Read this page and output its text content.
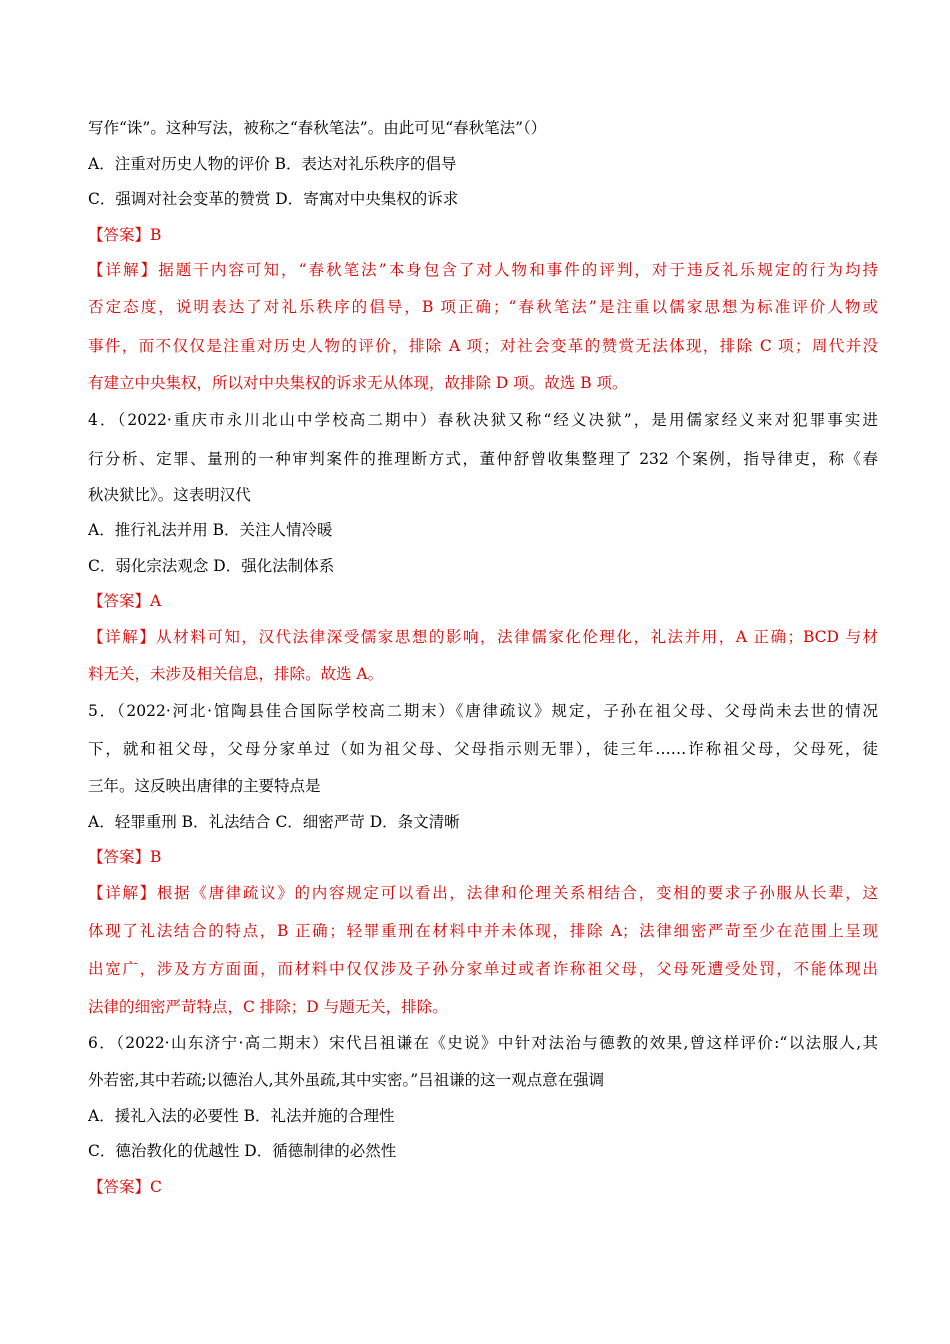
写作“诛”。这种写法，被称之“春秋笔法”。由此可见“春秋笔法”（）
A．注重对历史人物的评价 B．表达对礼乐秩序的倡导
C．强调对社会变革的赞赏 D．寄寓对中央集权的诉求
【答案】B
【详解】据题干内容可知，“春秋笔法”本身包含了对人物和事件的评判，对于违反礼乐规定的行为均持
否定态度，说明表达了对礼乐秩序的倡导，B 项正确；“春秋笔法”是注重以儒家思想为标准评价人物或
事件，而不仅仅是注重对历史人物的评价，排除 A 项；对社会变革的赞赏无法体现，排除 C 项；周代并没
有建立中央集权，所以对中央集权的诉求无从体现，故排除 D 项。故选 B 项。
4．（2022·重庆市永川北山中学校高二期中）春秋决狱又称“经义决狱”，是用儒家经义来对犯罪事实进
行分析、定罪、量刑的一种审判案件的推理断方式，董仲舒曾收集整理了 232 个案例，指导律吏，称《春
秋决狱比》。这表明汉代
A．推行礼法并用 B．关注人情冷暖
C．弱化宗法观念 D．强化法制体系
【答案】A
【详解】从材料可知，汉代法律深受儒家思想的影响，法律儒家化伦理化，礼法并用，A 正确；BCD 与材
料无关，未涉及相关信息，排除。故选 A。
5．（2022·河北·馆陶县佳合国际学校高二期末）《唐律疏议》规定，子孙在祖父母、父母尚未去世的情况
下，就和祖父母，父母分家单过（如为祖父母、父母指示则无罪），徒三年……诈称祖父母，父母死，徒
三年。这反映出唐律的主要特点是
A．轻罪重刑 B．礼法结合 C．细密严苛 D．条文清晰
【答案】B
【详解】根据《唐律疏议》的内容规定可以看出，法律和伦理关系相结合，变相的要求子孙服从长辈，这
体现了礼法结合的特点，B 正确；轻罪重刑在材料中并未体现，排除 A；法律细密严苛至少在范围上呈现
出宽广，涉及方方面面，而材料中仅仅涉及子孙分家单过或者诈称祖父母，父母死遭受处罚，不能体现出
法律的细密严苛特点，C 排除；D 与题无关，排除。
6．（2022·山东济宁·高二期末）宋代吕祖谦在《史说》中针对法治与德教的效果,曾这样评价:“以法服人,其
外若密,其中若疏;以德治人,其外虽疏,其中实密。”吕祖谦的这一观点意在强调
A．援礼入法的必要性 B．礼法并施的合理性
C．德治教化的优越性 D．循德制律的必然性
【答案】C
